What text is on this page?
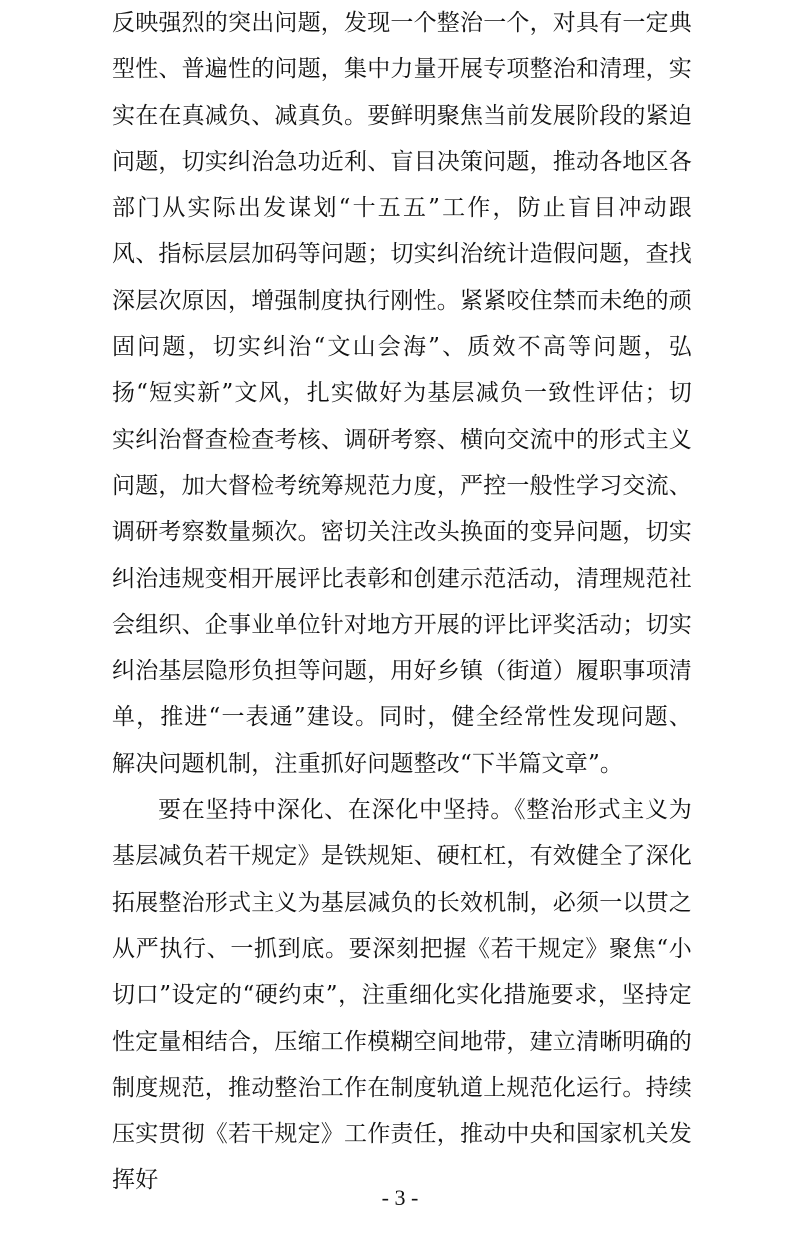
反映强烈的突出问题，发现一个整治一个，对具有一定典型性、普遍性的问题，集中力量开展专项整治和清理，实实在在真减负、减真负。要鲜明聚焦当前发展阶段的紧迫问题，切实纠治急功近利、盲目决策问题，推动各地区各部门从实际出发谋划“十五五”工作，防止盲目冲动跟风、指标层层加码等问题；切实纠治统计造假问题，查找深层次原因，增强制度执行刚性。紧紧咬住禁而未绝的顽固问题，切实纠治“文山会海”、质效不高等问题，弘扬“短实新”文风，扎实做好为基层减负一致性评估；切实纠治督查检查考核、调研考察、横向交流中的形式主义问题，加大督检考统筹规范力度，严控一般性学习交流、调研考察数量频次。密切关注改头换面的变异问题，切实纠治违规变相开展评比表彰和创建示范活动，清理规范社会组织、企事业单位针对地方开展的评比评奖活动；切实纠治基层隐形负担等问题，用好乡镇（街道）履职事项清单，推进“一表通”建设。同时，健全经常性发现问题、解决问题机制，注重抓好问题整改“下半篇文章”。

要在坚持中深化、在深化中坚持。《整治形式主义为基层减负若干规定》是铁规矩、硬杠杠，有效健全了深化拓展整治形式主义为基层减负的长效机制，必须一以贯之从严执行、一抓到底。要深刻把握《若干规定》聚焦“小切口”设定的“硬约束”，注重细化实化措施要求，坚持定性定量相结合，压缩工作模糊空间地带，建立清晰明确的制度规范，推动整治工作在制度轨道上规范化运行。持续压实贯彻《若干规定》工作责任，推动中央和国家机关发挥好

- 3 -
